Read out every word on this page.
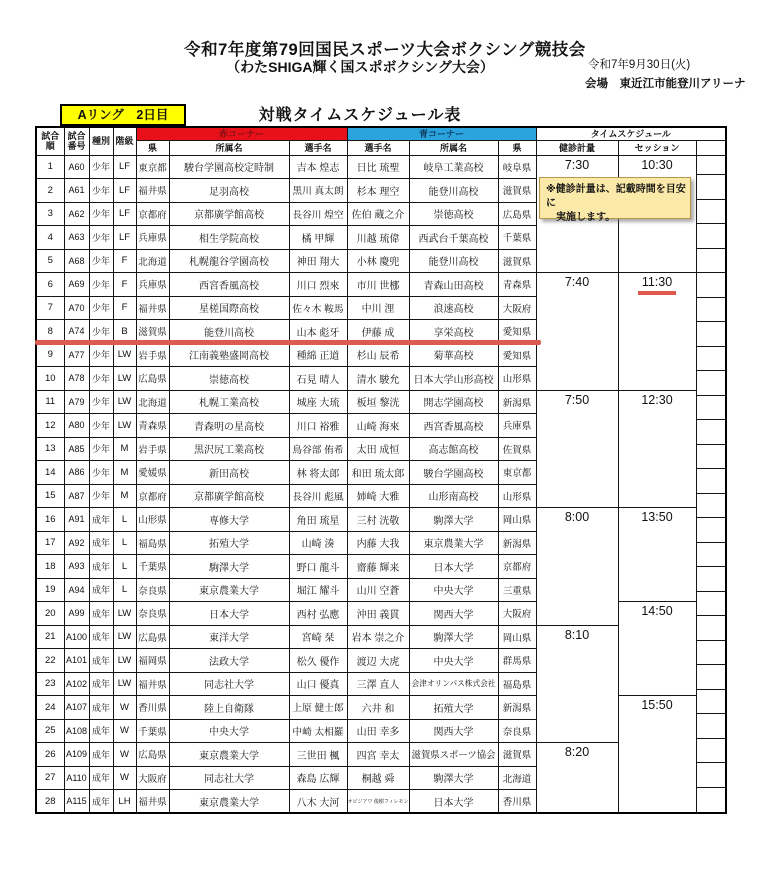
令和7年度第79回国民スポーツ大会ボクシング競技会
（わたSHIGA輝く国スポボクシング大会）	令和7年9月30日(火)
会場　東近江市能登川アリーナ
Aリング　2日目	対戦タイムスケジュール表
試合順	試合番号	種別	階級	赤コーナー			青コーナー			タイムスケジュール		
				県	所属名	選手名	選手名	所属名	県	健診計量	セッション	
1	A60	少年	LF	東京都	駿台学園高校定時制	吉本 煌志	日比 琉聖	岐阜工業高校	岐阜県	7:30	10:30	

2	A61	少年	LF	福井県	足羽高校	黒川 真太朗	杉本 理空	能登川高校	滋賀県			
3	A62	少年	LF	京都府	京都廣学館高校	長谷川 煌空	佐伯 蔵之介	崇徳高校	広島県			
4	A63	少年	LF	兵庫県	相生学院高校	橘 甲輝	川越 琉偉	西武台千葉高校	千葉県			
5	A68	少年	F	北海道	札幌龍谷学園高校	神田 翔大	小林 慶兜	能登川高校	滋賀県			
6	A69	少年	F	兵庫県	西宮香風高校	川口 烈來	市川 世梛	青森山田高校	青森県	7:40	11:30	
7	A70	少年	F	福井県	星槎国際高校	佐々木 鞍馬	中川 浬	浪速高校	大阪府			
8	A74	少年	B	滋賀県	能登川高校	山本 彪牙	伊藤 成	享栄高校	愛知県			
9	A77	少年	LW	岩手県	江南義塾盛岡高校	種綿 正道	杉山 辰希	菊華高校	愛知県			
10	A78	少年	LW	広島県	崇徳高校	石見 晴人	清水 駿允	日本大学山形高校	山形県			
11	A79	少年	LW	北海道	札幌工業高校	城座 大琉	板垣 黎洸	開志学園高校	新潟県	7:50	12:30	
12	A80	少年	LW	青森県	青森明の星高校	川口 裕雅	山崎 海來	西宮香風高校	兵庫県			
13	A85	少年	M	岩手県	黒沢尻工業高校	鳥谷部 侑希	太田 成恒	高志館高校	佐賀県			
14	A86	少年	M	愛媛県	新田高校	林 将太郎	和田 琉太郎	駿台学園高校	東京都			
15	A87	少年	M	京都府	京都廣学館高校	長谷川 彪風	姉崎 大雅	山形南高校	山形県			
16	A91	成年	L	山形県	専修大学	角田 琉星	三村 洸敬	駒澤大学	岡山県	8:00	13:50	
17	A92	成年	L	福島県	拓殖大学	山崎 湊	内藤 大我	東京農業大学	新潟県			
18	A93	成年	L	千葉県	駒澤大学	野口 龍斗	齋藤 輝来	日本大学	京都府			
19	A94	成年	L	奈良県	東京農業大学	堀江 耀斗	山川 空蒼	中央大学	三重県			
20	A99	成年	LW	奈良県	日本大学	西村 弘應	沖田 義貫	関西大学	大阪府		14:50	
21	A100	成年	LW	広島県	東洋大学	宮崎 栞	岩本 崇之介	駒澤大学	岡山県	8:10		
22	A101	成年	LW	福岡県	法政大学	松久 優作	渡辺 大虎	中央大学	群馬県			
23	A102	成年	LW	福井県	同志社大学	山口 優真	三澤 直人	会津オリンパス株式会社	福島県			
24	A107	成年	W	香川県	陸上自衛隊	上原 健士郎	六井 和	拓殖大学	新潟県		15:50	
25	A108	成年	W	千葉県	中央大学	中崎 太相羅	山田 幸多	関西大学	奈良県			
26	A109	成年	W	広島県	東京農業大学	三世田 楓	四宮 幸太	滋賀県スポーツ協会	滋賀県	8:20		
27	A110	成年	W	大阪府	同志社大学	森島 広輝	桐越 舜	駒澤大学	北海道			
28	A115	成年	LH	福井県	東京農業大学	八木 大河	オビジアワ 俊樹フィレモン	日本大学	香川県			
※健診計量は、記載時間を目安に
実施します。
